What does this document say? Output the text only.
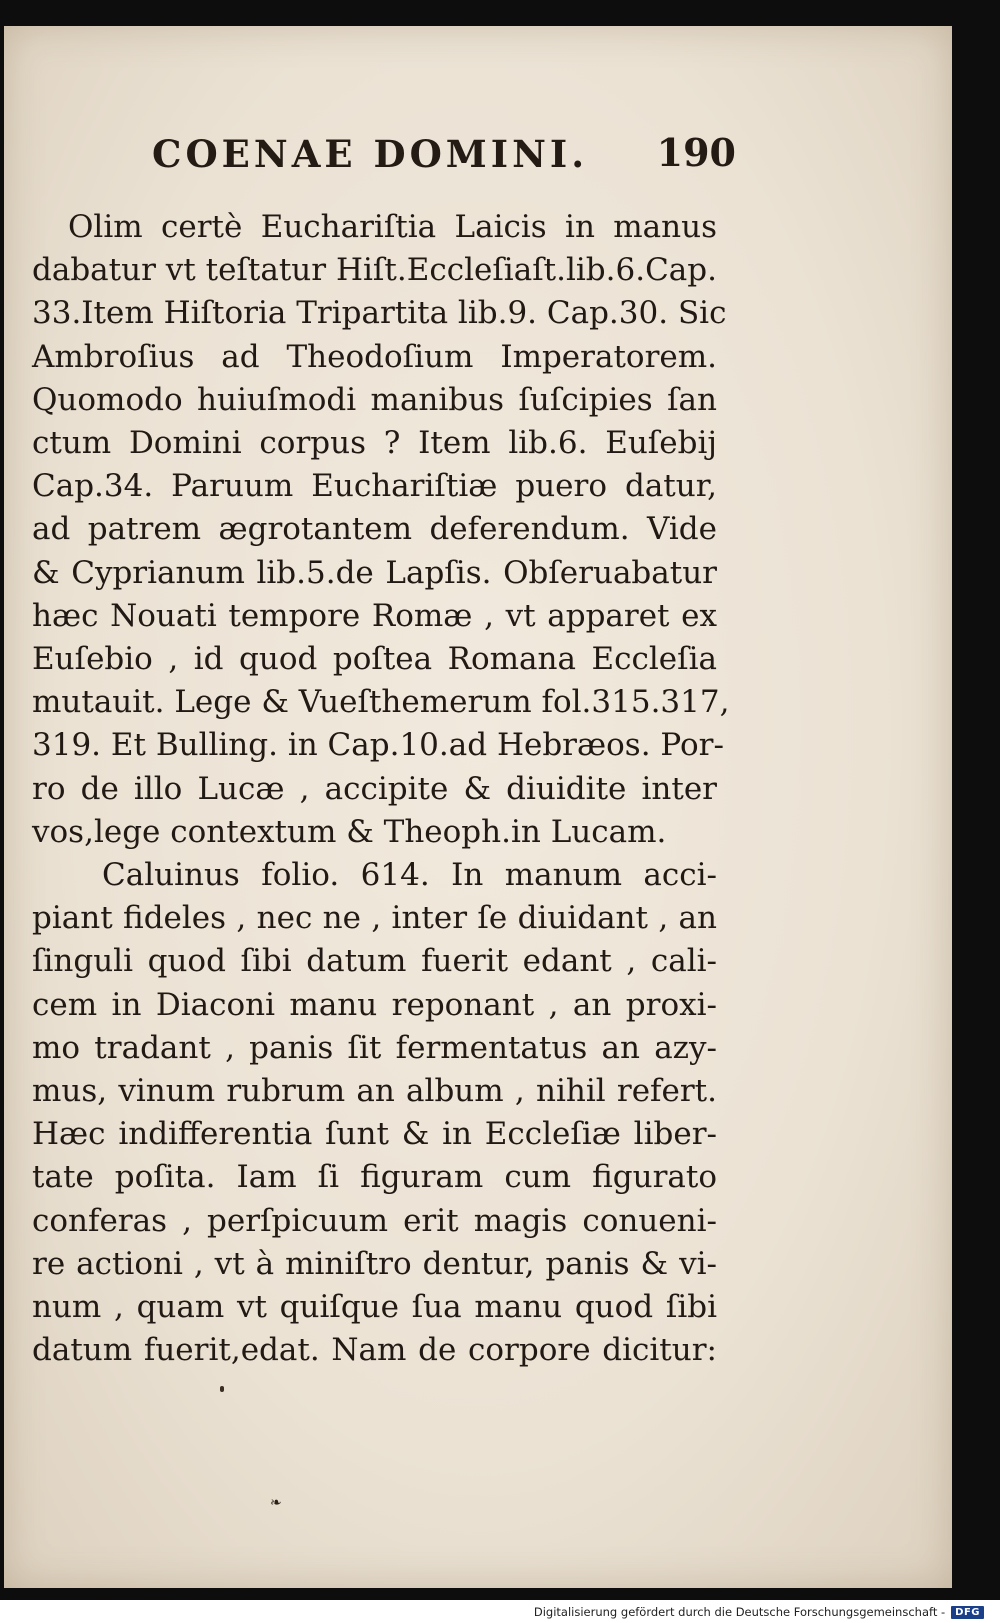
COENAE DOMINI. 190
Olim certè Euchariſtia Laicis in manus
dabatur vt teſtatur Hiſt.Eccleſiaſt.lib.6.Cap.
33.Item Hiſtoria Tripartita lib.9. Cap.30. Sic
Ambroſius ad Theodoſium Imperatorem.
Quomodo huiuſmodi manibus ſuſcipies ſan
ctum Domini corpus ? Item lib.6. Euſebij
Cap.34. Paruum Euchariſtiæ puero datur,
ad patrem ægrotantem deferendum. Vide
& Cyprianum lib.5.de Lapſis. Obſeruabatur
hæc Nouati tempore Romæ , vt apparet ex
Euſebio , id quod poſtea Romana Eccleſia
mutauit. Lege & Vueſthemerum fol.315.317,
319. Et Bulling. in Cap.10.ad Hebræos. Por-
ro de illo Lucæ , accipite & diuidite inter
vos,lege contextum & Theoph.in Lucam.
Caluinus folio. 614. In manum acci-
piant fideles , nec ne , inter ſe diuidant , an
ſinguli quod ſibi datum fuerit edant , cali-
cem in Diaconi manu reponant , an proxi-
mo tradant , panis ſit fermentatus an azy-
mus, vinum rubrum an album , nihil refert.
Hæc indifferentia ſunt & in Eccleſiæ liber-
tate poſita. Iam ſi figuram cum figurato
conferas , perſpicuum erit magis conueni-
re actioni , vt à miniſtro dentur, panis & vi-
num , quam vt quiſque ſua manu quod ſibi
datum fuerit,edat. Nam de corpore dicitur:
❧
Digitalisierung gefördert durch die Deutsche Forschungsgemeinschaft -	DFG
